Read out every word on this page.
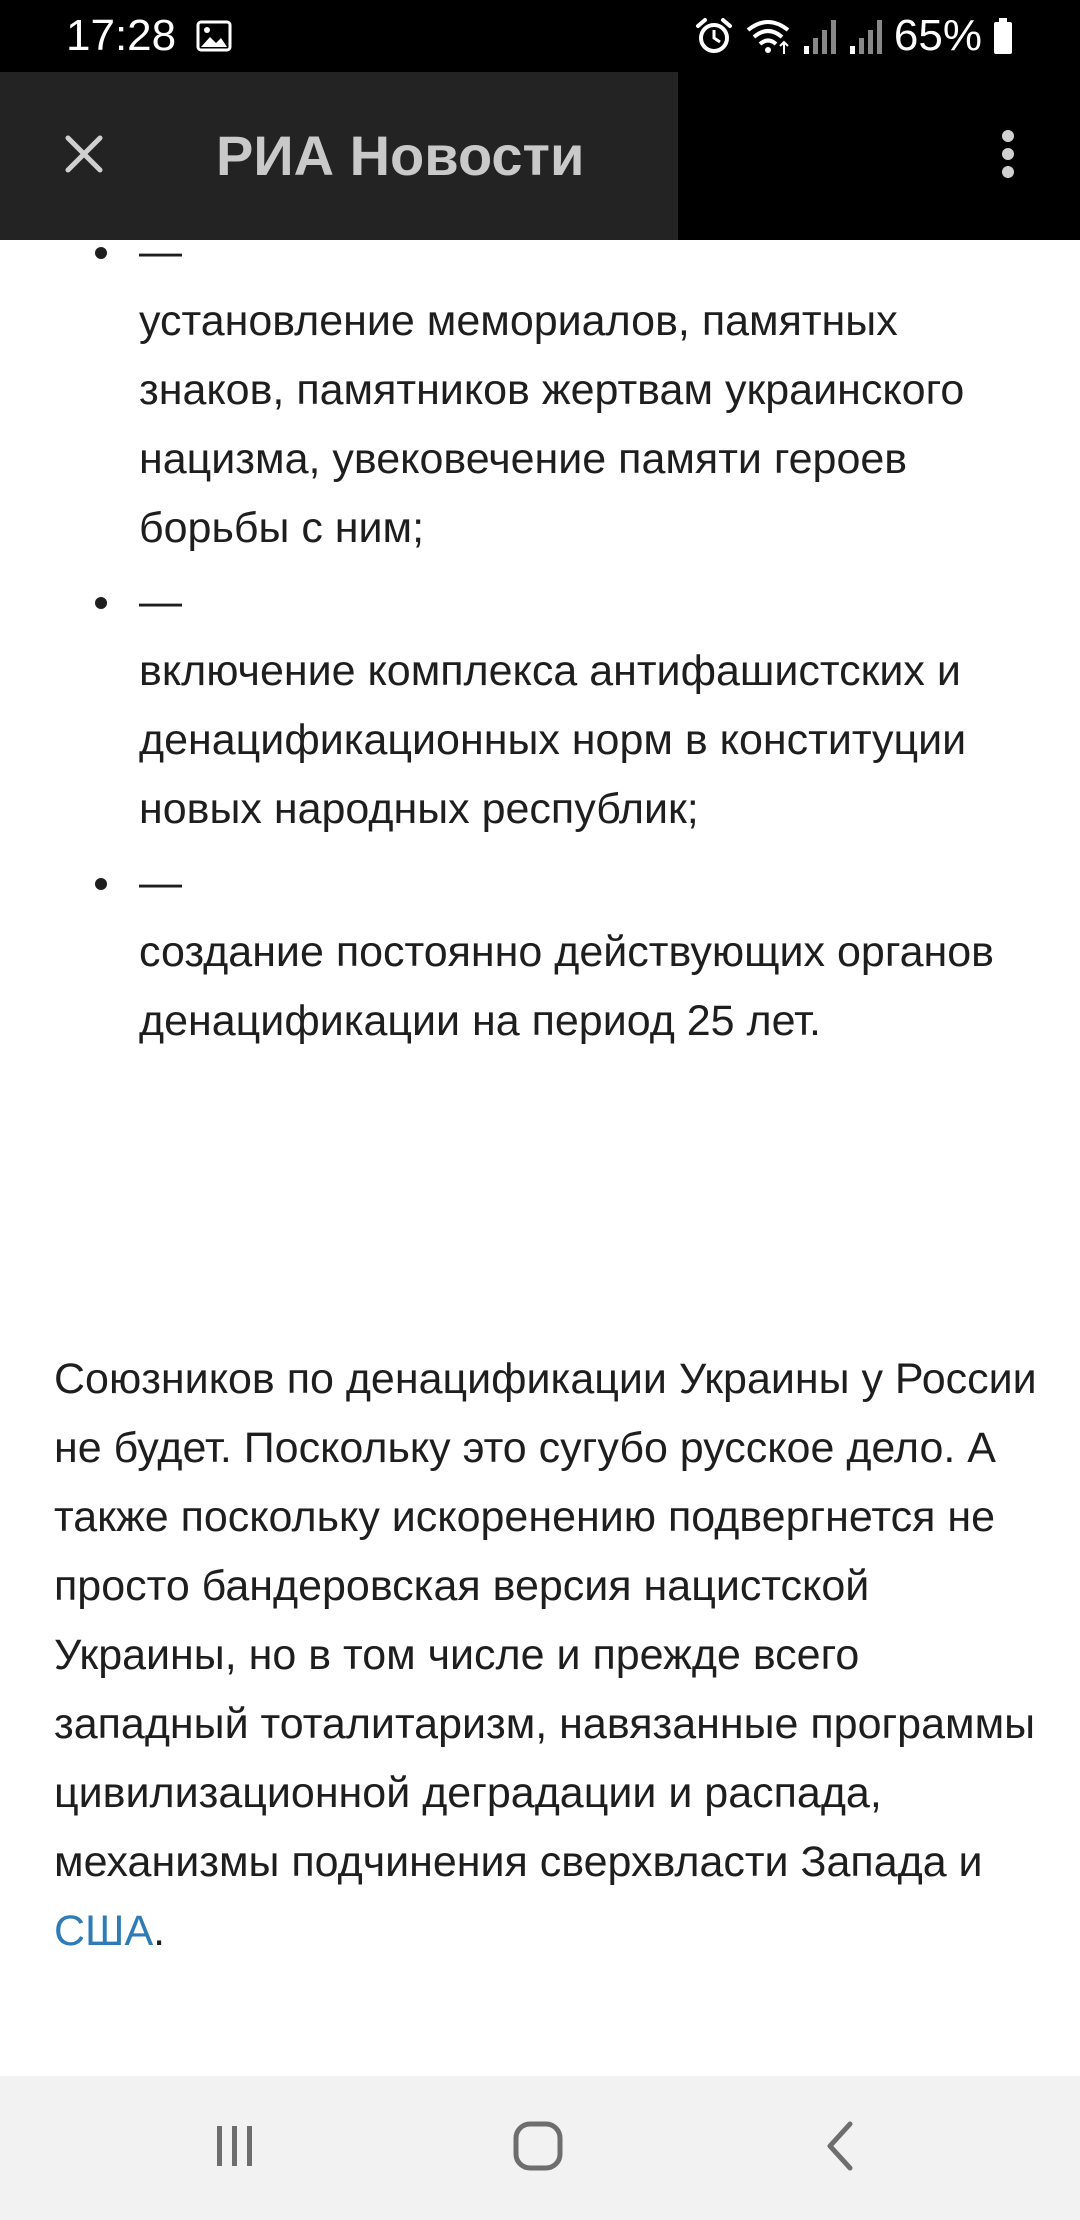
17:28	65%
РИА Новости
—
установление мемориалов, памятных знаков, памятников жертвам украинского нацизма, увековечение памяти героев борьбы с ним;
—
включение комплекса антифашистских и денацификационных норм в конституции новых народных республик;
—
создание постоянно действующих органов денацификации на период 25 лет.

Союзников по денацификации Украины у России не будет. Поскольку это сугубо русское дело. А также поскольку искоренению подвергнется не просто бандеровская версия нацистской Украины, но в том числе и прежде всего западный тоталитаризм, навязанные программы цивилизационной деградации и распада, механизмы подчинения сверхвласти Запада и США.
